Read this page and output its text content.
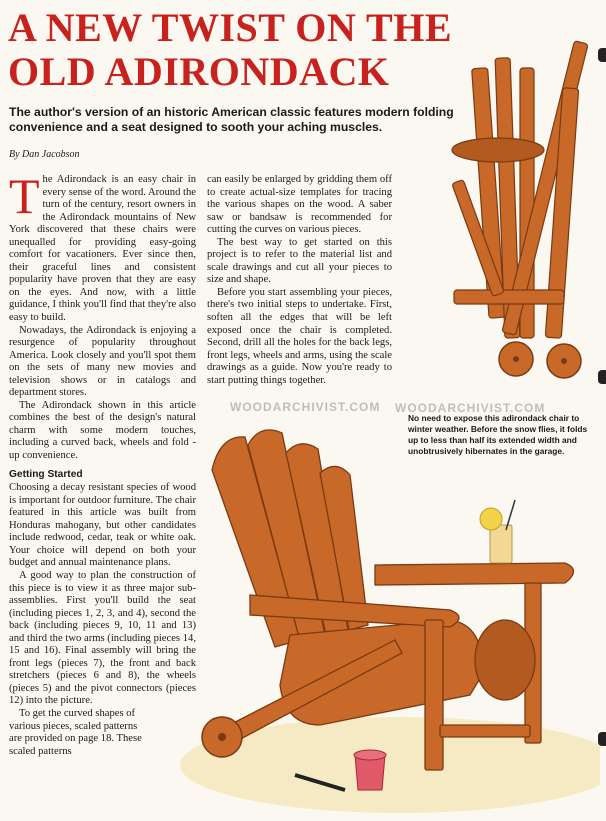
A NEW TWIST ON THE
OLD ADIRONDACK

The author's version of an historic American classic features modern folding convenience and a seat designed to sooth your aching muscles.

By Dan Jacobson

The Adirondack is an easy chair in every sense of the word. Around the turn of the century, resort owners in the Adirondack mountains of New York discovered that these chairs were unequalled for providing easy-going comfort for vacationers. Ever since then, their graceful lines and consistent popularity have proven that they are easy on the eyes. And now, with a little guidance, I think you'll find that they're also easy to build.

Nowadays, the Adirondack is enjoying a resurgence of popularity throughout America. Look closely and you'll spot them on the sets of many new movies and television shows or in catalogs and department stores.

The Adirondack shown in this article combines the best of the design's natural charm with some modern touches, including a curved back, wheels and fold -up convenience.

Getting Started

Choosing a decay resistant species of wood is important for outdoor furniture. The chair featured in this article was built from Honduras mahogany, but other candidates include redwood, cedar, teak or white oak. Your choice will depend on both your budget and annual maintenance plans.

A good way to plan the construction of this piece is to view it as three major sub-assemblies. First you'll build the seat (including pieces 1, 2, 3, and 4), second the back (including pieces 9, 10, 11 and 13) and third the two arms (including pieces 14, 15 and 16). Final assembly will bring the front legs (pieces 7), the front and back stretchers (pieces 6 and 8), the wheels (pieces 5) and the pivot connectors (pieces 12) into the picture.

To get the curved shapes of various pieces, scaled patterns are provided on page 18. These scaled patterns

can easily be enlarged by gridding them off to create actual-size templates for tracing the various shapes on the wood. A saber saw or bandsaw is recommended for cutting the curves on various pieces.

The best way to get started on this project is to refer to the material list and scale drawings and cut all your pieces to size and shape.

Before you start assembling your pieces, there's two initial steps to undertake. First, soften all the edges that will be left exposed once the chair is completed. Second, drill all the holes for the back legs, front legs, wheels and arms, using the scale drawings as a guide. Now you're ready to start putting things together.

WOODARCHIVIST.COM WOODARCHIVIST.COM
No need to expose this adirondack chair to winter weather. Before the snow flies, it folds up to less than half its extended width and unobtrusively hibernates in the garage.
